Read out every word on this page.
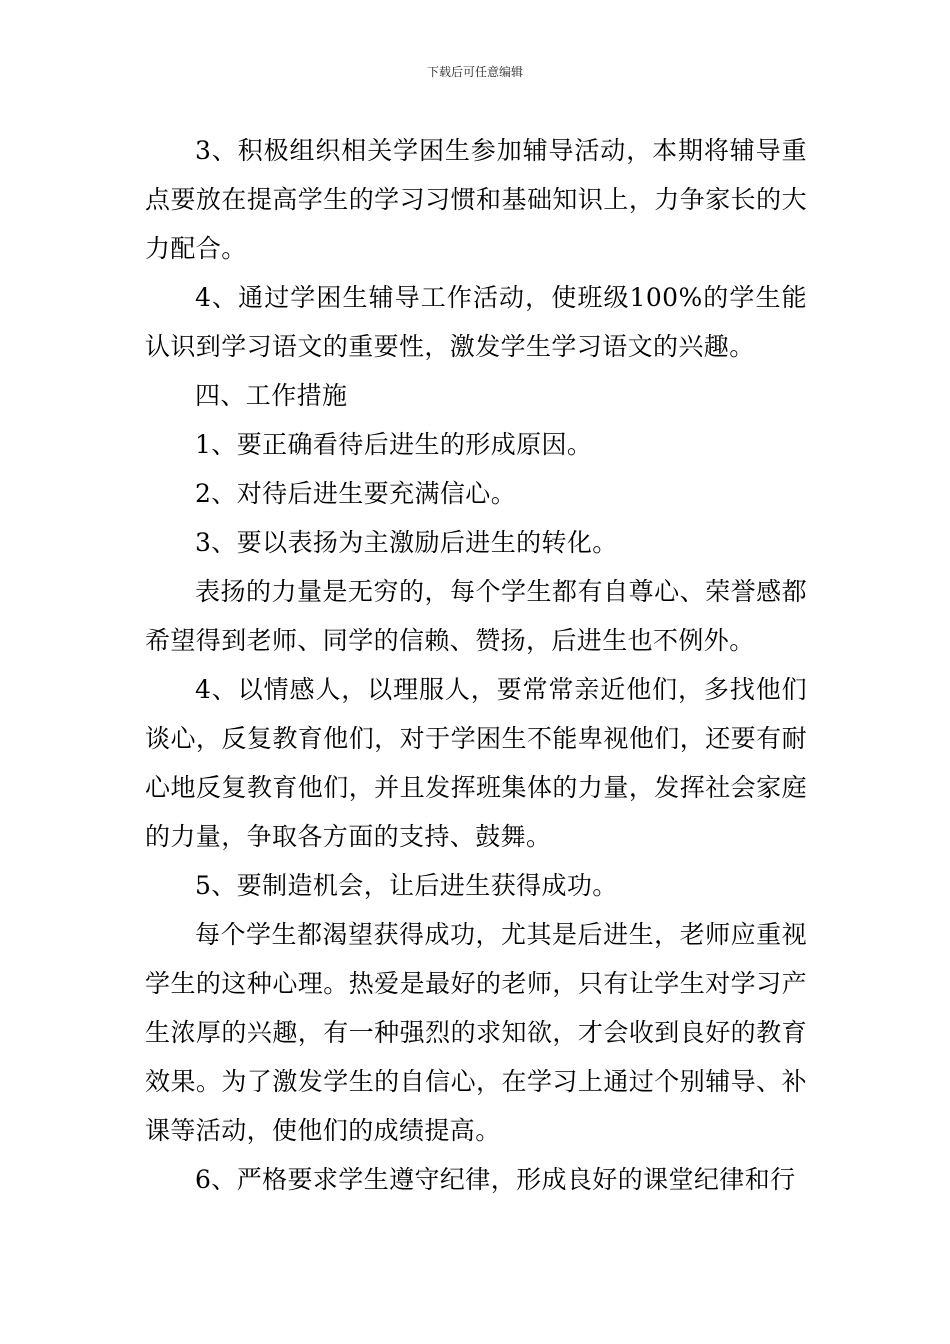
下载后可任意编辑

3、积极组织相关学困生参加辅导活动，本期将辅导重点要放在提高学生的学习习惯和基础知识上，力争家长的大力配合。

4、通过学困生辅导工作活动，使班级100%的学生能认识到学习语文的重要性，激发学生学习语文的兴趣。

四、工作措施

1、要正确看待后进生的形成原因。

2、对待后进生要充满信心。

3、要以表扬为主激励后进生的转化。

表扬的力量是无穷的，每个学生都有自尊心、荣誉感都希望得到老师、同学的信赖、赞扬，后进生也不例外。

4、以情感人，以理服人，要常常亲近他们，多找他们谈心，反复教育他们，对于学困生不能卑视他们，还要有耐心地反复教育他们，并且发挥班集体的力量，发挥社会家庭的力量，争取各方面的支持、鼓舞。

5、要制造机会，让后进生获得成功。

每个学生都渴望获得成功，尤其是后进生，老师应重视学生的这种心理。热爱是最好的老师，只有让学生对学习产生浓厚的兴趣，有一种强烈的求知欲，才会收到良好的教育效果。为了激发学生的自信心，在学习上通过个别辅导、补课等活动，使他们的成绩提高。

6、严格要求学生遵守纪律，形成良好的课堂纪律和行
